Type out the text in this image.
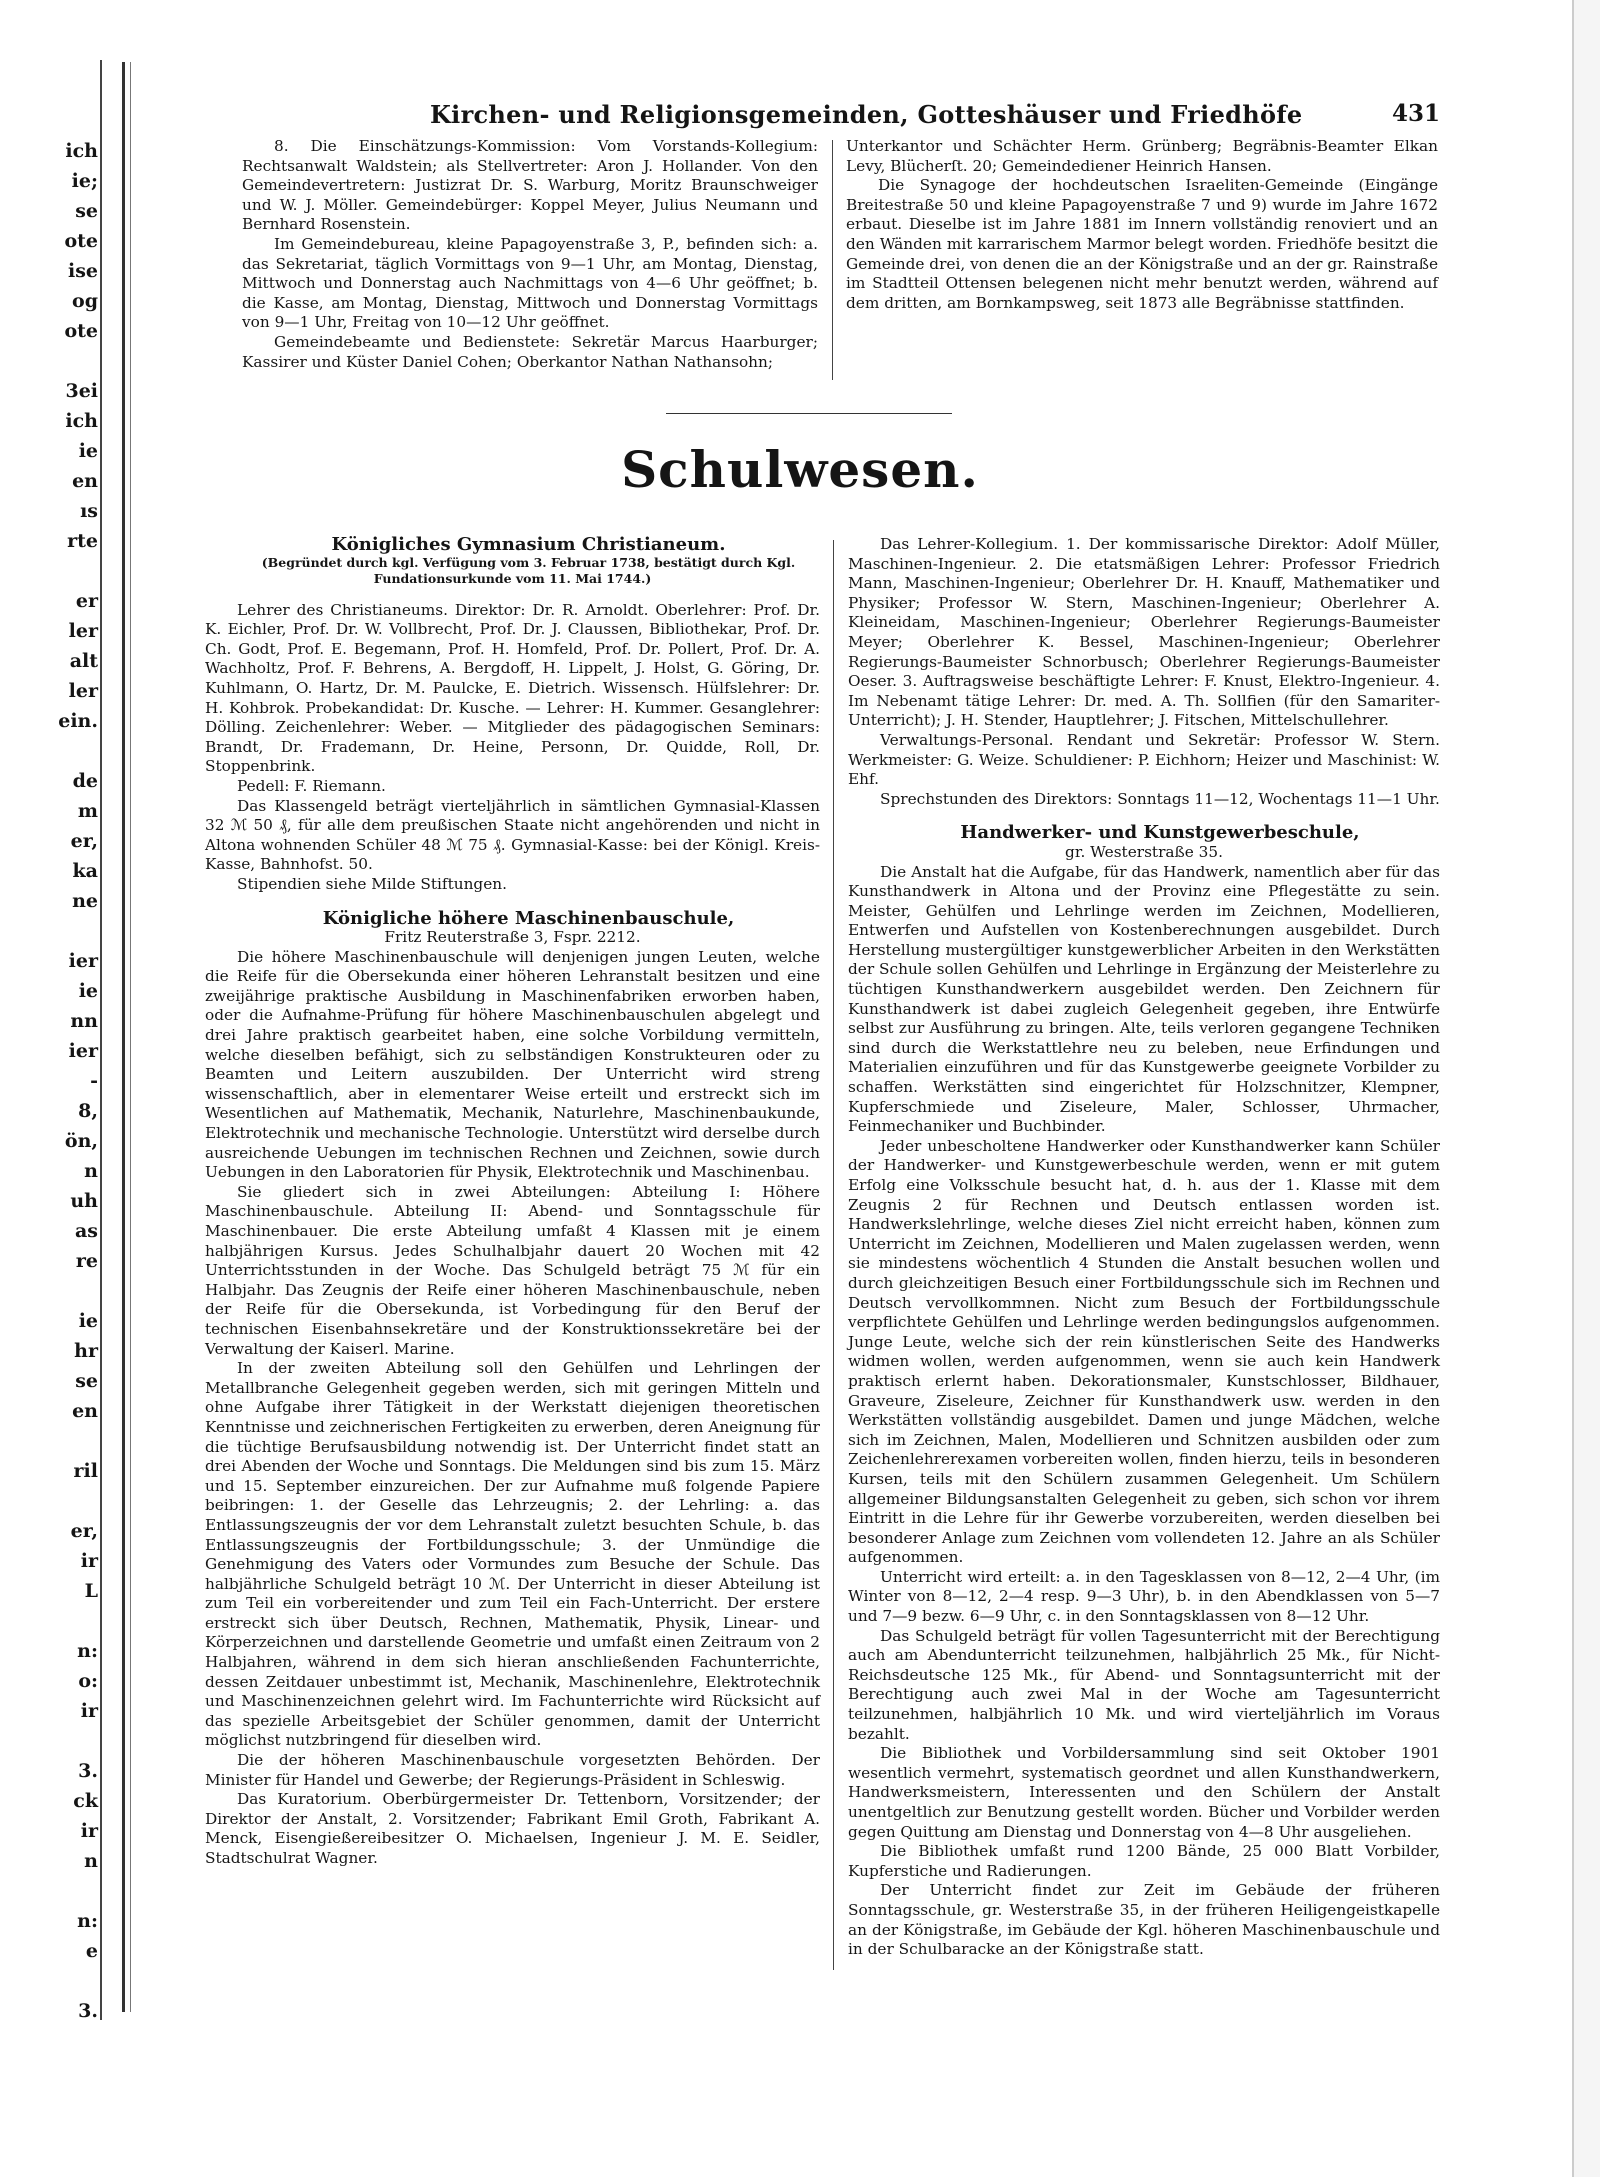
ich
ie;
se
ote
ise
og
ote
3ei
ich
ie
en
ıs
rte
er
ler
alt
ler
ein.
de
m
er,
ka
ne
ier
ie
nn
ier
-
8,
ön,
n
uh
as
re
ie
hr
se
en
ril
er,
ir
L
n:
o:
ir
3.
ck
ir
n
n:
e
3.
Kirchen- und Religionsgemeinden, Gotteshäuser und Friedhöfe	431

8. Die Einschätzungs-Kommission: Vom Vorstands-Kollegium: Rechtsanwalt Waldstein; als Stellvertreter: Aron J. Hollander. Von den Gemeindevertretern: Justizrat Dr. S. Warburg, Moritz Braunschweiger und W. J. Möller. Gemeindebürger: Koppel Meyer, Julius Neumann und Bernhard Rosenstein.

Im Gemeindebureau, kleine Papagoyenstraße 3, P., befinden sich: a. das Sekretariat, täglich Vormittags von 9—1 Uhr, am Montag, Dienstag, Mittwoch und Donnerstag auch Nachmittags von 4—6 Uhr geöffnet; b. die Kasse, am Montag, Dienstag, Mittwoch und Donnerstag Vormittags von 9—1 Uhr, Freitag von 10—12 Uhr geöffnet.

Gemeindebeamte und Bedienstete: Sekretär Marcus Haarburger; Kassirer und Küster Daniel Cohen; Oberkantor Nathan Nathansohn;

Unterkantor und Schächter Herm. Grünberg; Begräbnis-Beamter Elkan Levy, Blücherſt. 20; Gemeindediener Heinrich Hansen.

Die Synagoge der hochdeutschen Israeliten-Gemeinde (Eingänge Breitestraße 50 und kleine Papagoyenstraße 7 und 9) wurde im Jahre 1672 erbaut. Dieselbe ist im Jahre 1881 im Innern vollständig renoviert und an den Wänden mit karrarischem Marmor belegt worden. Friedhöfe besitzt die Gemeinde drei, von denen die an der Königstraße und an der gr. Rainstraße im Stadtteil Ottensen belegenen nicht mehr benutzt werden, während auf dem dritten, am Bornkampsweg, seit 1873 alle Begräbnisse stattfinden.

Schulwesen.

Königliches Gymnasium Christianeum.

(Begründet durch kgl. Verfügung vom 3. Februar 1738, bestätigt durch Kgl. Fundationsurkunde vom 11. Mai 1744.)

Lehrer des Christianeums. Direktor: Dr. R. Arnoldt. Oberlehrer: Prof. Dr. K. Eichler, Prof. Dr. W. Vollbrecht, Prof. Dr. J. Claussen, Bibliothekar, Prof. Dr. Ch. Godt, Prof. E. Begemann, Prof. H. Homfeld, Prof. Dr. Pollert, Prof. Dr. A. Wachholtz, Prof. F. Behrens, A. Bergdoff, H. Lippelt, J. Holst, G. Göring, Dr. Kuhlmann, O. Hartz, Dr. M. Paulcke, E. Dietrich. Wissensch. Hülfslehrer: Dr. H. Kohbrok. Probekandidat: Dr. Kusche. — Lehrer: H. Kummer. Gesanglehrer: Dölling. Zeichenlehrer: Weber. — Mitglieder des pädagogischen Seminars: Brandt, Dr. Frademann, Dr. Heine, Personn, Dr. Quidde, Roll, Dr. Stoppenbrink.

Pedell: F. Riemann.

Das Klassengeld beträgt vierteljährlich in sämtlichen Gymnasial-Klassen 32 ℳ 50 ₰, für alle dem preußischen Staate nicht angehörenden und nicht in Altona wohnenden Schüler 48 ℳ 75 ₰. Gymnasial-Kasse: bei der Königl. Kreis-Kasse, Bahnhofst. 50.

Stipendien siehe Milde Stiftungen.

Königliche höhere Maschinenbauschule,

Fritz Reuterstraße 3, Fspr. 2212.

Die höhere Maschinenbauschule will denjenigen jungen Leuten, welche die Reife für die Obersekunda einer höheren Lehranstalt besitzen und eine zweijährige praktische Ausbildung in Maschinenfabriken erworben haben, oder die Aufnahme-Prüfung für höhere Maschinenbauschulen abgelegt und drei Jahre praktisch gearbeitet haben, eine solche Vorbildung vermitteln, welche dieselben befähigt, sich zu selbständigen Konstrukteuren oder zu Beamten und Leitern auszubilden. Der Unterricht wird streng wissenschaftlich, aber in elementarer Weise erteilt und erstreckt sich im Wesentlichen auf Mathematik, Mechanik, Naturlehre, Maschinenbaukunde, Elektrotechnik und mechanische Technologie. Unterstützt wird derselbe durch ausreichende Uebungen im technischen Rechnen und Zeichnen, sowie durch Uebungen in den Laboratorien für Physik, Elektrotechnik und Maschinenbau.

Sie gliedert sich in zwei Abteilungen: Abteilung I: Höhere Maschinenbauschule. Abteilung II: Abend- und Sonntagsschule für Maschinenbauer. Die erste Abteilung umfaßt 4 Klassen mit je einem halbjährigen Kursus. Jedes Schulhalbjahr dauert 20 Wochen mit 42 Unterrichtsstunden in der Woche. Das Schulgeld beträgt 75 ℳ für ein Halbjahr. Das Zeugnis der Reife einer höheren Maschinenbauschule, neben der Reife für die Obersekunda, ist Vorbedingung für den Beruf der technischen Eisenbahnsekretäre und der Konstruktionssekretäre bei der Verwaltung der Kaiserl. Marine.

In der zweiten Abteilung soll den Gehülfen und Lehrlingen der Metallbranche Gelegenheit gegeben werden, sich mit geringen Mitteln und ohne Aufgabe ihrer Tätigkeit in der Werkstatt diejenigen theoretischen Kenntnisse und zeichnerischen Fertigkeiten zu erwerben, deren Aneignung für die tüchtige Berufsausbildung notwendig ist. Der Unterricht findet statt an drei Abenden der Woche und Sonntags. Die Meldungen sind bis zum 15. März und 15. September einzureichen. Der zur Aufnahme muß folgende Papiere beibringen: 1. der Geselle das Lehrzeugnis; 2. der Lehrling: a. das Entlassungszeugnis der vor dem Lehranstalt zuletzt besuchten Schule, b. das Entlassungszeugnis der Fortbildungsschule; 3. der Unmündige die Genehmigung des Vaters oder Vormundes zum Besuche der Schule. Das halbjährliche Schulgeld beträgt 10 ℳ. Der Unterricht in dieser Abteilung ist zum Teil ein vorbereitender und zum Teil ein Fach-Unterricht. Der erstere erstreckt sich über Deutsch, Rechnen, Mathematik, Physik, Linear- und Körperzeichnen und darstellende Geometrie und umfaßt einen Zeitraum von 2 Halbjahren, während in dem sich hieran anschließenden Fachunterrichte, dessen Zeitdauer unbestimmt ist, Mechanik, Maschinenlehre, Elektrotechnik und Maschinenzeichnen gelehrt wird. Im Fachunterrichte wird Rücksicht auf das spezielle Arbeitsgebiet der Schüler genommen, damit der Unterricht möglichst nutzbringend für dieselben wird.

Die der höheren Maschinenbauschule vorgesetzten Behörden. Der Minister für Handel und Gewerbe; der Regierungs-Präsident in Schleswig.

Das Kuratorium. Oberbürgermeister Dr. Tettenborn, Vorsitzender; der Direktor der Anstalt, 2. Vorsitzender; Fabrikant Emil Groth, Fabrikant A. Menck, Eisengießereibesitzer O. Michaelsen, Ingenieur J. M. E. Seidler, Stadtschulrat Wagner.

Das Lehrer-Kollegium. 1. Der kommissarische Direktor: Adolf Müller, Maschinen-Ingenieur. 2. Die etatsmäßigen Lehrer: Professor Friedrich Mann, Maschinen-Ingenieur; Oberlehrer Dr. H. Knauff, Mathematiker und Physiker; Professor W. Stern, Maschinen-Ingenieur; Oberlehrer A. Kleineidam, Maschinen-Ingenieur; Oberlehrer Regierungs-Baumeister Meyer; Oberlehrer K. Bessel, Maschinen-Ingenieur; Oberlehrer Regierungs-Baumeister Schnorbusch; Oberlehrer Regierungs-Baumeister Oeser. 3. Auftragsweise beschäftigte Lehrer: F. Knust, Elektro-Ingenieur. 4. Im Nebenamt tätige Lehrer: Dr. med. A. Th. Sollfien (für den Samariter-Unterricht); J. H. Stender, Hauptlehrer; J. Fitschen, Mittelschullehrer.

Verwaltungs-Personal. Rendant und Sekretär: Professor W. Stern. Werkmeister: G. Weize. Schuldiener: P. Eichhorn; Heizer und Maschinist: W. Ehf.

Sprechstunden des Direktors: Sonntags 11—12, Wochentags 11—1 Uhr.

Handwerker- und Kunstgewerbeschule,

gr. Westerstraße 35.

Die Anstalt hat die Aufgabe, für das Handwerk, namentlich aber für das Kunsthandwerk in Altona und der Provinz eine Pflegestätte zu sein. Meister, Gehülfen und Lehrlinge werden im Zeichnen, Modellieren, Entwerfen und Aufstellen von Kostenberechnungen ausgebildet. Durch Herstellung mustergültiger kunstgewerblicher Arbeiten in den Werkstätten der Schule sollen Gehülfen und Lehrlinge in Ergänzung der Meisterlehre zu tüchtigen Kunsthandwerkern ausgebildet werden. Den Zeichnern für Kunsthandwerk ist dabei zugleich Gelegenheit gegeben, ihre Entwürfe selbst zur Ausführung zu bringen. Alte, teils verloren gegangene Techniken sind durch die Werkstattlehre neu zu beleben, neue Erfindungen und Materialien einzuführen und für das Kunstgewerbe geeignete Vorbilder zu schaffen. Werkstätten sind eingerichtet für Holzschnitzer, Klempner, Kupferschmiede und Ziseleure, Maler, Schlosser, Uhrmacher, Feinmechaniker und Buchbinder.

Jeder unbescholtene Handwerker oder Kunsthandwerker kann Schüler der Handwerker- und Kunstgewerbeschule werden, wenn er mit gutem Erfolg eine Volksschule besucht hat, d. h. aus der 1. Klasse mit dem Zeugnis 2 für Rechnen und Deutsch entlassen worden ist. Handwerkslehrlinge, welche dieses Ziel nicht erreicht haben, können zum Unterricht im Zeichnen, Modellieren und Malen zugelassen werden, wenn sie mindestens wöchentlich 4 Stunden die Anstalt besuchen wollen und durch gleichzeitigen Besuch einer Fortbildungsschule sich im Rechnen und Deutsch vervollkommnen. Nicht zum Besuch der Fortbildungsschule verpflichtete Gehülfen und Lehrlinge werden bedingungslos aufgenommen. Junge Leute, welche sich der rein künstlerischen Seite des Handwerks widmen wollen, werden aufgenommen, wenn sie auch kein Handwerk praktisch erlernt haben. Dekorationsmaler, Kunstschlosser, Bildhauer, Graveure, Ziseleure, Zeichner für Kunsthandwerk usw. werden in den Werkstätten vollständig ausgebildet. Damen und junge Mädchen, welche sich im Zeichnen, Malen, Modellieren und Schnitzen ausbilden oder zum Zeichenlehrerexamen vorbereiten wollen, finden hierzu, teils in besonderen Kursen, teils mit den Schülern zusammen Gelegenheit. Um Schülern allgemeiner Bildungsanstalten Gelegenheit zu geben, sich schon vor ihrem Eintritt in die Lehre für ihr Gewerbe vorzubereiten, werden dieselben bei besonderer Anlage zum Zeichnen vom vollendeten 12. Jahre an als Schüler aufgenommen.

Unterricht wird erteilt: a. in den Tagesklassen von 8—12, 2—4 Uhr, (im Winter von 8—12, 2—4 resp. 9—3 Uhr), b. in den Abendklassen von 5—7 und 7—9 bezw. 6—9 Uhr, c. in den Sonntagsklassen von 8—12 Uhr.

Das Schulgeld beträgt für vollen Tagesunterricht mit der Berechtigung auch am Abendunterricht teilzunehmen, halbjährlich 25 Mk., für Nicht-Reichsdeutsche 125 Mk., für Abend- und Sonntagsunterricht mit der Berechtigung auch zwei Mal in der Woche am Tagesunterricht teilzunehmen, halbjährlich 10 Mk. und wird vierteljährlich im Voraus bezahlt.

Die Bibliothek und Vorbildersammlung sind seit Oktober 1901 wesentlich vermehrt, systematisch geordnet und allen Kunsthandwerkern, Handwerksmeistern, Interessenten und den Schülern der Anstalt unentgeltlich zur Benutzung gestellt worden. Bücher und Vorbilder werden gegen Quittung am Dienstag und Donnerstag von 4—8 Uhr ausgeliehen.

Die Bibliothek umfaßt rund 1200 Bände, 25 000 Blatt Vorbilder, Kupferstiche und Radierungen.

Der Unterricht findet zur Zeit im Gebäude der früheren Sonntagsschule, gr. Westerstraße 35, in der früheren Heiligengeistkapelle an der Königstraße, im Gebäude der Kgl. höheren Maschinenbauschule und in der Schulbaracke an der Königstraße statt.
